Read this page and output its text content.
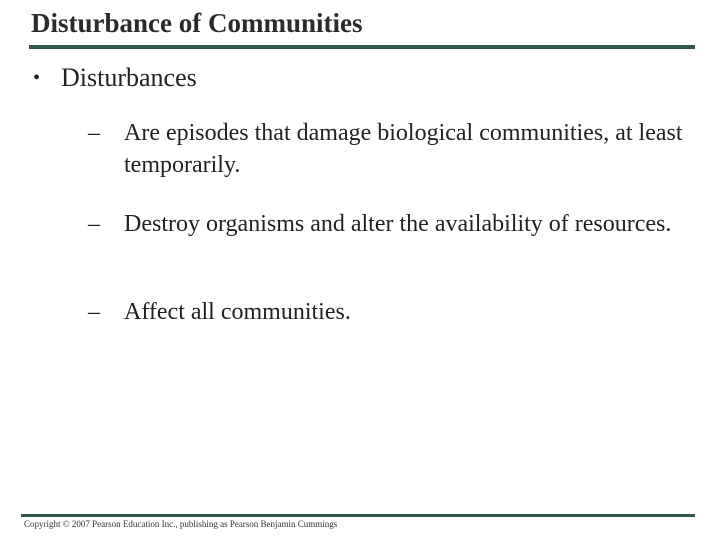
Disturbance of Communities
• Disturbances
–	Are episodes that damage biological communities, at least temporarily.
–	Destroy organisms and alter the availability of resources.
–	Affect all communities.
Copyright © 2007 Pearson Education Inc., publishing as Pearson Benjamin Cummings
